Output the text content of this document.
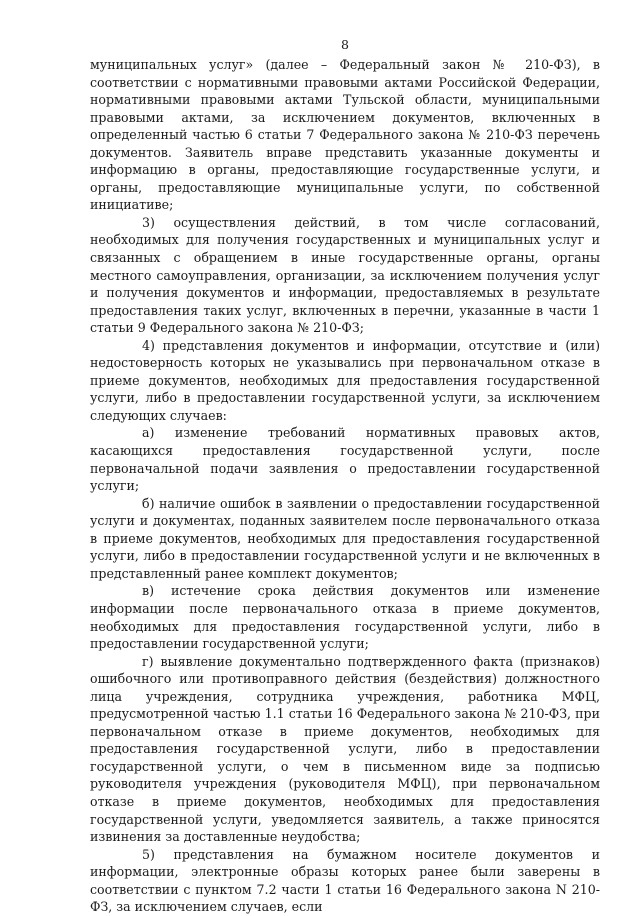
8

муниципальных услуг» (далее – Федеральный закон № 210-ФЗ), в соответствии с нормативными правовыми актами Российской Федерации, нормативными правовыми актами Тульской области, муниципальными правовыми актами, за исключением документов, включенных в определенный частью 6 статьи 7 Федерального закона № 210-ФЗ перечень документов. Заявитель вправе представить указанные документы и информацию в органы, предоставляющие государственные услуги, и органы, предоставляющие муниципальные услуги, по собственной инициативе;

3) осуществления действий, в том числе согласований, необходимых для получения государственных и муниципальных услуг и связанных с обращением в иные государственные органы, органы местного самоуправления, организации, за исключением получения услуг и получения документов и информации, предоставляемых в результате предоставления таких услуг, включенных в перечни, указанные в части 1 статьи 9 Федерального закона № 210-ФЗ;

4) представления документов и информации, отсутствие и (или) недостоверность которых не указывались при первоначальном отказе в приеме документов, необходимых для предоставления государственной услуги, либо в предоставлении государственной услуги, за исключением следующих случаев:

а) изменение требований нормативных правовых актов, касающихся предоставления государственной услуги, после первоначальной подачи заявления о предоставлении государственной услуги;

б) наличие ошибок в заявлении о предоставлении государственной услуги и документах, поданных заявителем после первоначального отказа в приеме документов, необходимых для предоставления государственной услуги, либо в предоставлении государственной услуги и не включенных в представленный ранее комплект документов;

в) истечение срока действия документов или изменение информации после первоначального отказа в приеме документов, необходимых для предоставления государственной услуги, либо в предоставлении государственной услуги;

г) выявление документально подтвержденного факта (признаков) ошибочного или противоправного действия (бездействия) должностного лица учреждения, сотрудника учреждения, работника МФЦ, предусмотренной частью 1.1 статьи 16 Федерального закона № 210-ФЗ, при первоначальном отказе в приеме документов, необходимых для предоставления государственной услуги, либо в предоставлении государственной услуги, о чем в письменном виде за подписью руководителя учреждения (руководителя МФЦ), при первоначальном отказе в приеме документов, необходимых для предоставления государственной услуги, уведомляется заявитель, а также приносятся извинения за доставленные неудобства;

5) представления на бумажном носителе документов и информации, электронные образы которых ранее были заверены в соответствии с пунктом 7.2 части 1 статьи 16 Федерального закона N 210-ФЗ, за исключением случаев, если
